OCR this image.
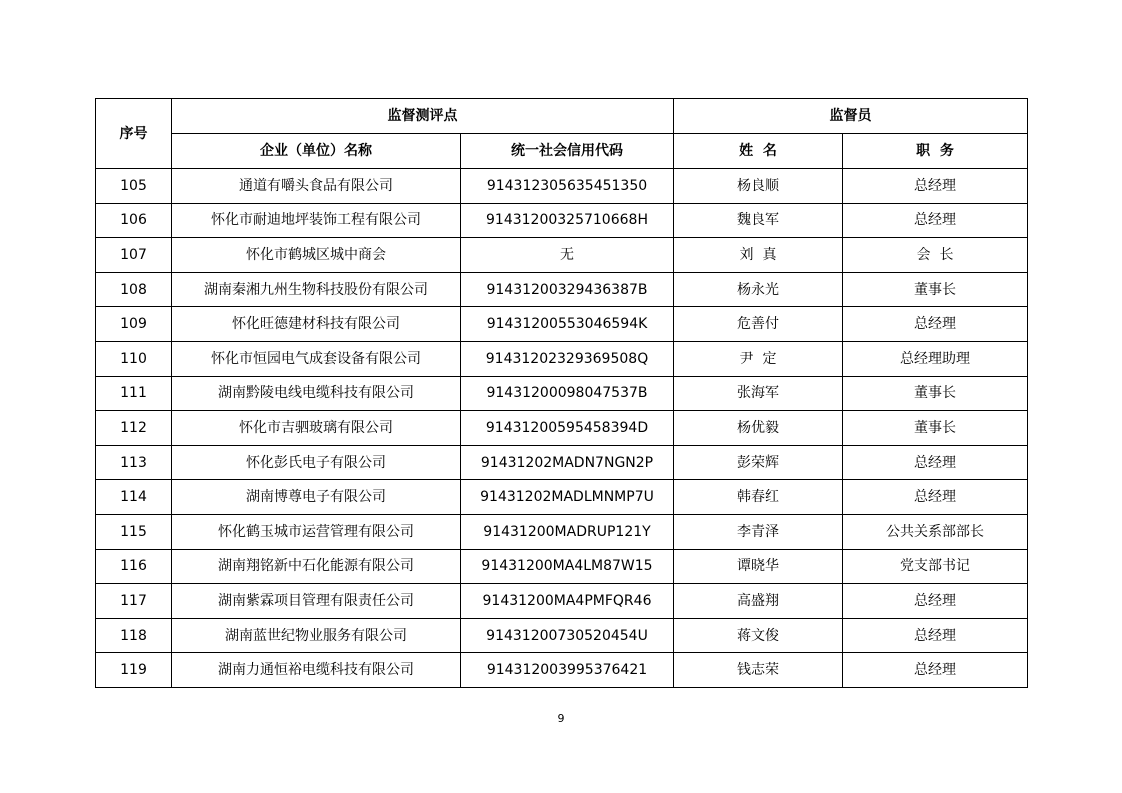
序号	监督测评点		监督员	
	企业（单位）名称	统一社会信用代码	姓  名	职  务
105	通道有嚼头食品有限公司	914312305635451350	杨良顺	总经理
106	怀化市耐迪地坪装饰工程有限公司	91431200325710668H	魏良军	总经理
107	怀化市鹤城区城中商会	无	刘  真	会  长
108	湖南秦湘九州生物科技股份有限公司	91431200329436387B	杨永光	董事长
109	怀化旺德建材科技有限公司	91431200553046594K	危善付	总经理
110	怀化市恒园电气成套设备有限公司	91431202329369508Q	尹  定	总经理助理
111	湖南黔陵电线电缆科技有限公司	91431200098047537B	张海军	董事长
112	怀化市吉驷玻璃有限公司	91431200595458394D	杨优毅	董事长
113	怀化彭氏电子有限公司	91431202MADN7NGN2P	彭荣辉	总经理
114	湖南博尊电子有限公司	91431202MADLMNMP7U	韩春红	总经理
115	怀化鹤玉城市运营管理有限公司	91431200MADRUP121Y	李青泽	公共关系部部长
116	湖南翔铭新中石化能源有限公司	91431200MA4LM87W15	谭晓华	党支部书记
117	湖南紫霖项目管理有限责任公司	91431200MA4PMFQR46	高盛翔	总经理
118	湖南蓝世纪物业服务有限公司	91431200730520454U	蒋文俊	总经理
119	湖南力通恒裕电缆科技有限公司	914312003995376421	钱志荣	总经理
9
